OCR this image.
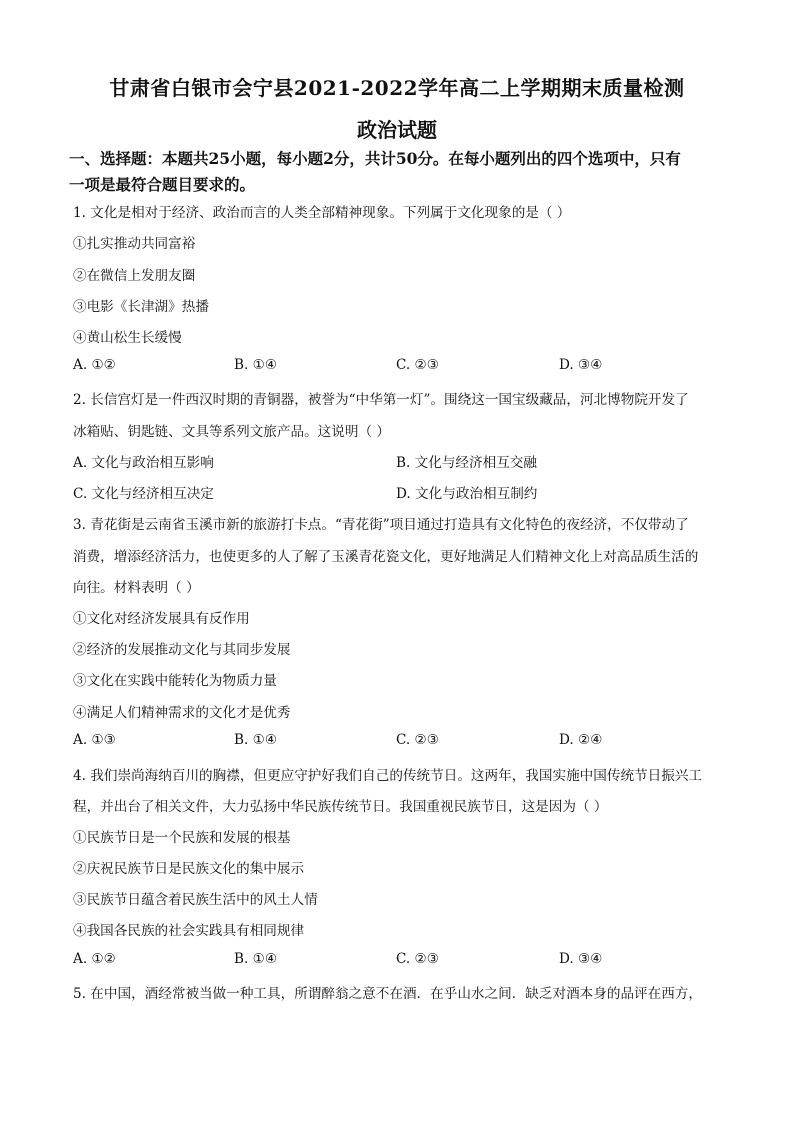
甘肃省白银市会宁县2021-2022学年高二上学期期末质量检测
政治试题
一、选择题：本题共25小题，每小题2分，共计50分。在每小题列出的四个选项中，只有
一项是最符合题目要求的。
1. 文化是相对于经济、政治而言的人类全部精神现象。下列属于文化现象的是（ ）
①扎实推动共同富裕
②在微信上发朋友圈
③电影《长津湖》热播
④黄山松生长缓慢
A. ①②	B. ①④	C. ②③	D. ③④
2. 长信宫灯是一件西汉时期的青铜器，被誉为“中华第一灯”。围绕这一国宝级藏品，河北博物院开发了
冰箱贴、钥匙链、文具等系列文旅产品。这说明（ ）
A. 文化与政治相互影响	B. 文化与经济相互交融
C. 文化与经济相互决定	D. 文化与政治相互制约
3. 青花街是云南省玉溪市新的旅游打卡点。“青花街”项目通过打造具有文化特色的夜经济，不仅带动了
消费，增添经济活力，也使更多的人了解了玉溪青花瓷文化，更好地满足人们精神文化上对高品质生活的
向往。材料表明（ ）
①文化对经济发展具有反作用
②经济的发展推动文化与其同步发展
③文化在实践中能转化为物质力量
④满足人们精神需求的文化才是优秀
A. ①③	B. ①④	C. ②③	D. ②④
4. 我们崇尚海纳百川的胸襟，但更应守护好我们自己的传统节日。这两年，我国实施中国传统节日振兴工
程，并出台了相关文件，大力弘扬中华民族传统节日。我国重视民族节日，这是因为（ ）
①民族节日是一个民族和发展的根基
②庆祝民族节日是民族文化的集中展示
③民族节日蕴含着民族生活中的风土人情
④我国各民族的社会实践具有相同规律
A. ①②	B. ①④	C. ②③	D. ③④
5. 在中国，酒经常被当做一种工具，所谓醉翁之意不在酒．在乎山水之间．缺乏对酒本身的品评在西方，
